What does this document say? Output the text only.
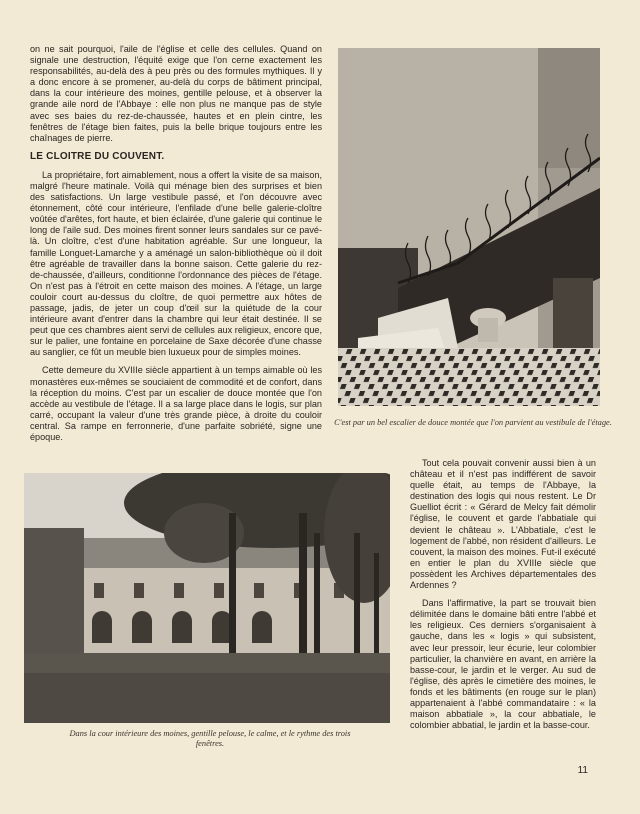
on ne sait pourquoi, l'aile de l'église et celle des cellules. Quand on signale une destruction, l'équité exige que l'on cerne exactement les responsabilités, au-delà des à peu près ou des formules mythiques. Il y a donc encore à se promener, au-delà du corps de bâtiment principal, dans la cour intérieure des moines, gentille pelouse, et à observer la grande aile nord de l'Abbaye : elle non plus ne manque pas de style avec ses baies du rez-de-chaussée, hautes et en plein cintre, les fenêtres de l'étage bien faites, puis la belle brique toujours entre les chaînages de pierre.

LE CLOITRE DU COUVENT.

La propriétaire, fort aimablement, nous a offert la visite de sa maison, malgré l'heure matinale. Voilà qui ménage bien des surprises et bien des satisfactions. Un large vestibule passé, et l'on découvre avec étonnement, côté cour intérieure, l'enfilade d'une belle galerie-cloître voûtée d'arêtes, fort haute, et bien éclairée, d'une galerie qui continue le long de l'aile sud. Des moines firent sonner leurs sandales sur ce pavé-là. Un cloître, c'est d'une habitation agréable. Sur une longueur, la famille Longuet-Lamarche y a aménagé un salon-bibliothèque où il doit être agréable de travailler dans la bonne saison. Cette galerie du rez-de-chaussée, d'ailleurs, conditionne l'ordonnance des pièces de l'étage. On n'est pas à l'étroit en cette maison des moines. A l'étage, un large couloir court au-dessus du cloître, de quoi permettre aux hôtes de passage, jadis, de jeter un coup d'œil sur la quiétude de la cour intérieure avant d'entrer dans la chambre qui leur était destinée. Il se peut que ces chambres aient servi de cellules aux religieux, encore que, sur le palier, une fontaine en porcelaine de Saxe décorée d'une chasse au sanglier, ce fût un meuble bien luxueux pour de simples moines.

Cette demeure du XVIIIe siècle appartient à un temps aimable où les monastères eux-mêmes se souciaient de commodité et de confort, dans la réception du moins. C'est par un escalier de douce montée que l'on accède au vestibule de l'étage. Il a sa large place dans le logis, sur plan carré, occupant la valeur d'une très grande pièce, à droite du couloir central. Sa rampe en ferronnerie, d'une parfaite sobriété, signe une époque.

C'est par un bel escalier de douce montée que l'on parvient au vestibule de l'étage.
Dans la cour intérieure des moines, gentille pelouse, le calme, et le rythme des trois fenêtres.

Tout cela pouvait convenir aussi bien à un château et il n'est pas indifférent de savoir quelle était, au temps de l'Abbaye, la destination des logis qui nous restent. Le Dr Guelliot écrit : « Gérard de Melcy fait démolir l'église, le couvent et garde l'abbatiale qui devient le château ». L'Abbatiale, c'est le logement de l'abbé, non résident d'ailleurs. Le couvent, la maison des moines. Fut-il exécuté en entier le plan du XVIIIe siècle que possèdent les Archives départementales des Ardennes ?

Dans l'affirmative, la part se trouvait bien délimitée dans le domaine bâti entre l'abbé et les religieux. Ces derniers s'organisaient à gauche, dans les « logis » qui subsistent, avec leur pressoir, leur écurie, leur colombier particulier, la chanvière en avant, en arrière la basse-cour, le jardin et le verger. Au sud de l'église, dès après le cimetière des moines, le fonds et les bâtiments (en rouge sur le plan) appartenaient à l'abbé commandataire : « la maison abbatiale », la cour abbatiale, le colombier abbatial, le jardin et la basse-cour.

11
